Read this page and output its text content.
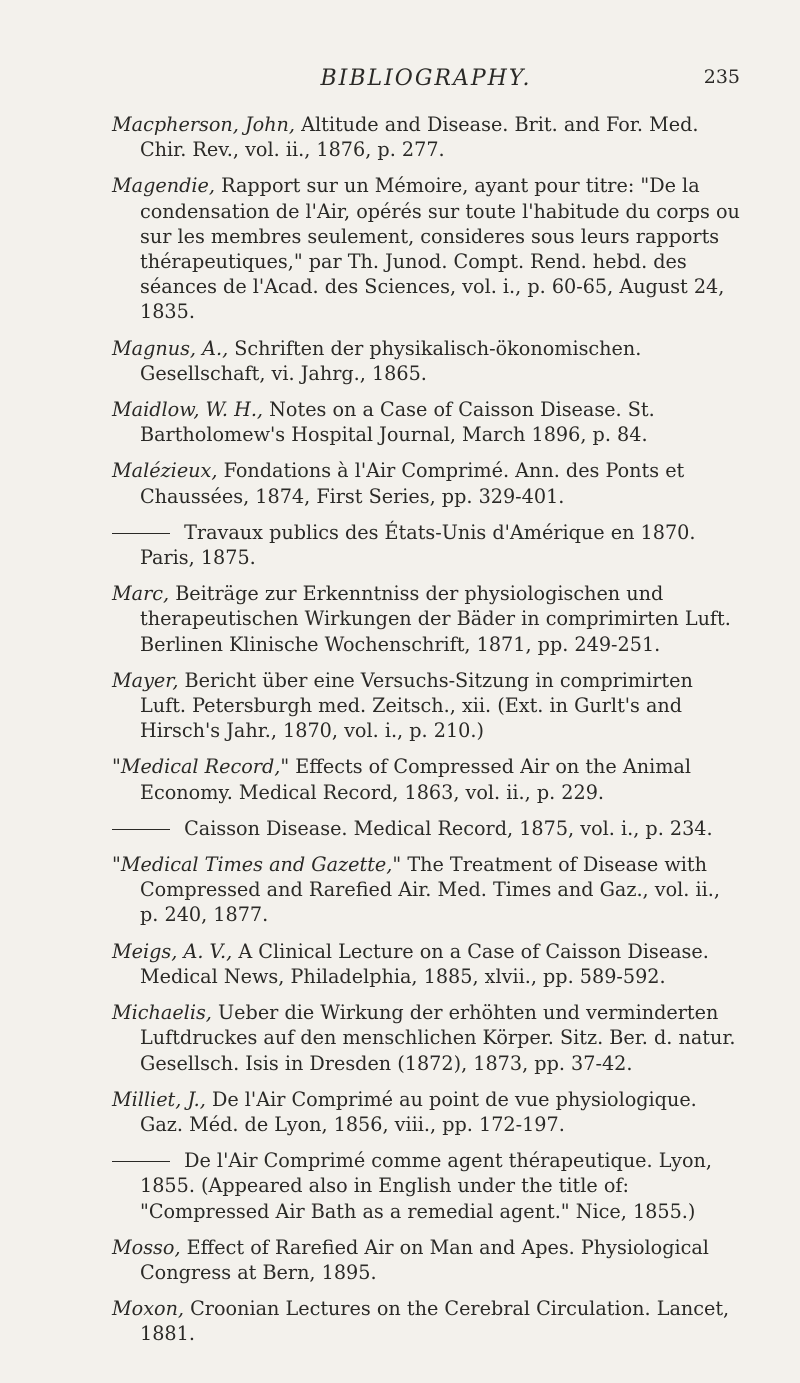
BIBLIOGRAPHY.	235

Macpherson, John, Altitude and Disease. Brit. and For. Med. Chir. Rev., vol. ii., 1876, p. 277.

Magendie, Rapport sur un Mémoire, ayant pour titre: "De la condensation de l'Air, opérés sur toute l'habitude du corps ou sur les membres seulement, consideres sous leurs rapports thérapeutiques," par Th. Junod. Compt. Rend. hebd. des séances de l'Acad. des Sciences, vol. i., p. 60-65, August 24, 1835.

Magnus, A., Schriften der physikalisch-ökonomischen. Gesellschaft, vi. Jahrg., 1865.

Maidlow, W. H., Notes on a Case of Caisson Disease. St. Bartholomew's Hospital Journal, March 1896, p. 84.

Malézieux, Fondations à l'Air Comprimé. Ann. des Ponts et Chaussées, 1874, First Series, pp. 329-401.

Travaux publics des États-Unis d'Amérique en 1870. Paris, 1875.

Marc, Beiträge zur Erkenntniss der physiologischen und therapeutischen Wirkungen der Bäder in comprimirten Luft. Berlinen Klinische Wochenschrift, 1871, pp. 249-251.

Mayer, Bericht über eine Versuchs-Sitzung in comprimirten Luft. Petersburgh med. Zeitsch., xii. (Ext. in Gurlt's and Hirsch's Jahr., 1870, vol. i., p. 210.)

"Medical Record," Effects of Compressed Air on the Animal Economy. Medical Record, 1863, vol. ii., p. 229.

Caisson Disease. Medical Record, 1875, vol. i., p. 234.

"Medical Times and Gazette," The Treatment of Disease with Compressed and Rarefied Air. Med. Times and Gaz., vol. ii., p. 240, 1877.

Meigs, A. V., A Clinical Lecture on a Case of Caisson Disease. Medical News, Philadelphia, 1885, xlvii., pp. 589-592.

Michaelis, Ueber die Wirkung der erhöhten und verminderten Luftdruckes auf den menschlichen Körper. Sitz. Ber. d. natur. Gesellsch. Isis in Dresden (1872), 1873, pp. 37-42.

Milliet, J., De l'Air Comprimé au point de vue physiologique. Gaz. Méd. de Lyon, 1856, viii., pp. 172-197.

De l'Air Comprimé comme agent thérapeutique. Lyon, 1855. (Appeared also in English under the title of: "Compressed Air Bath as a remedial agent." Nice, 1855.)

Mosso, Effect of Rarefied Air on Man and Apes. Physiological Congress at Bern, 1895.

Moxon, Croonian Lectures on the Cerebral Circulation. Lancet, 1881.
